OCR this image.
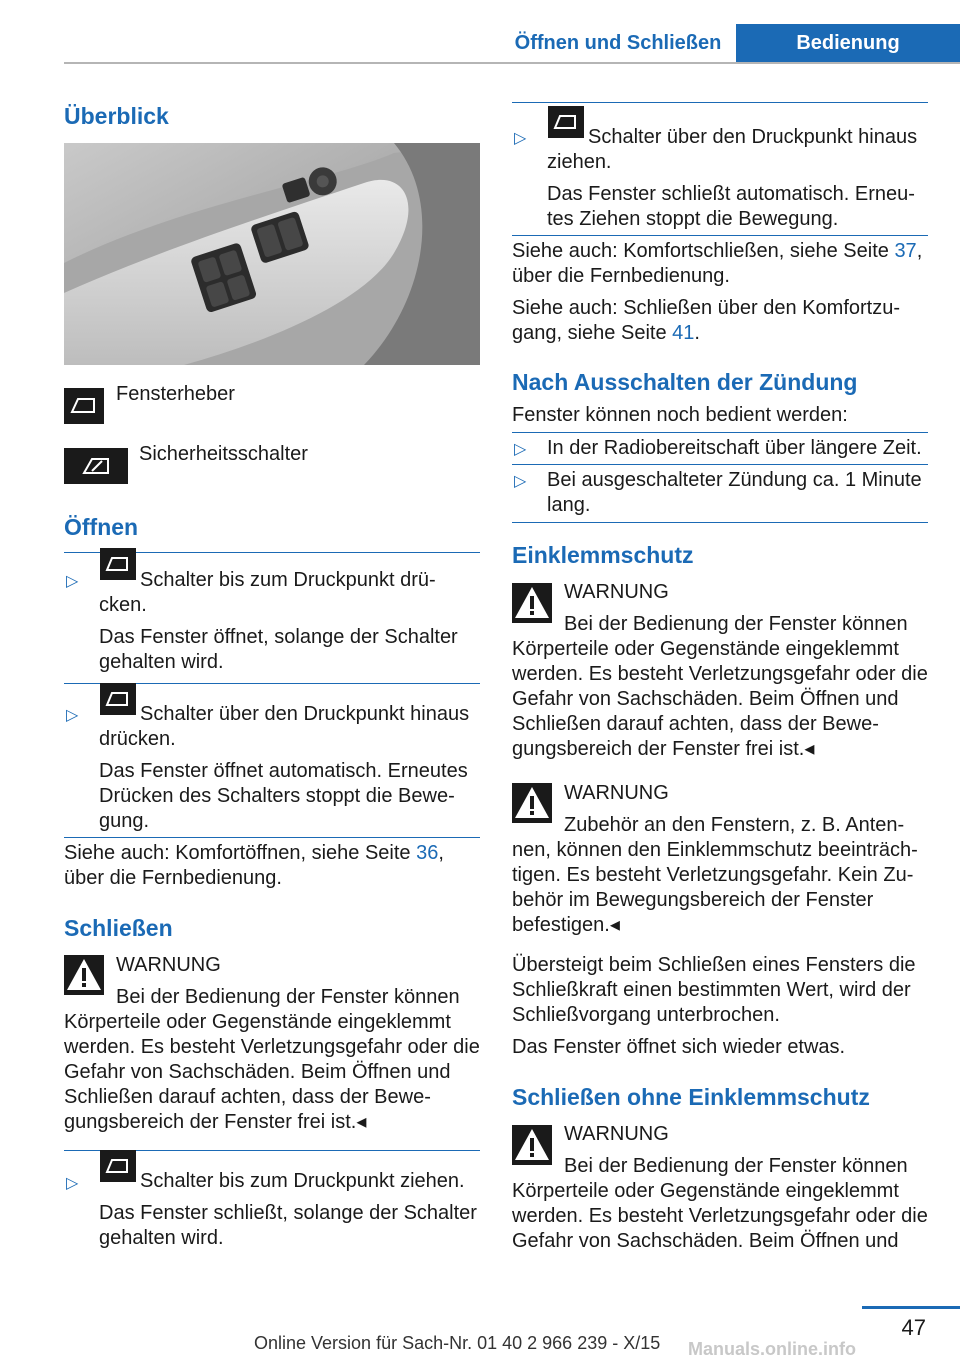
Öffnen und Schließen	Bedienung
Überblick
Fensterheber
Sicherheitsschalter
Öffnen
▷	Schalter bis zum Druckpunkt drü-
cken.
Das Fenster öffnet, solange der Schalter
gehalten wird.
▷	Schalter über den Druckpunkt hinaus
drücken.
Das Fenster öffnet automatisch. Erneutes
Drücken des Schalters stoppt die Bewe-
gung.
Siehe auch: Komfortöffnen, siehe Seite 36,
über die Fernbedienung.
Schließen
WARNUNG
Bei der Bedienung der Fenster können
Körperteile oder Gegenstände eingeklemmt
werden. Es besteht Verletzungsgefahr oder die
Gefahr von Sachschäden. Beim Öffnen und
Schließen darauf achten, dass der Bewe-
gungsbereich der Fenster frei ist.◂
▷	Schalter bis zum Druckpunkt ziehen.
Das Fenster schließt, solange der Schalter
gehalten wird.
▷	Schalter über den Druckpunkt hinaus
ziehen.
Das Fenster schließt automatisch. Erneu-
tes Ziehen stoppt die Bewegung.
Siehe auch: Komfortschließen, siehe Seite 37,
über die Fernbedienung.
Siehe auch: Schließen über den Komfortzu-
gang, siehe Seite 41.
Nach Ausschalten der Zündung
Fenster können noch bedient werden:
▷ In der Radiobereitschaft über längere Zeit.
▷ Bei ausgeschalteter Zündung ca. 1 Minute
lang.
Einklemmschutz
WARNUNG
Bei der Bedienung der Fenster können
Körperteile oder Gegenstände eingeklemmt
werden. Es besteht Verletzungsgefahr oder die
Gefahr von Sachschäden. Beim Öffnen und
Schließen darauf achten, dass der Bewe-
gungsbereich der Fenster frei ist.◂
WARNUNG
Zubehör an den Fenstern, z. B. Anten-
nen, können den Einklemmschutz beeinträch-
tigen. Es besteht Verletzungsgefahr. Kein Zu-
behör im Bewegungsbereich der Fenster
befestigen.◂
Übersteigt beim Schließen eines Fensters die
Schließkraft einen bestimmten Wert, wird der
Schließvorgang unterbrochen.
Das Fenster öffnet sich wieder etwas.
Schließen ohne Einklemmschutz
WARNUNG
Bei der Bedienung der Fenster können
Körperteile oder Gegenstände eingeklemmt
werden. Es besteht Verletzungsgefahr oder die
Gefahr von Sachschäden. Beim Öffnen und
47
Online Version für Sach-Nr. 01 40 2 966 239 - X/15 Manuals.online.info
